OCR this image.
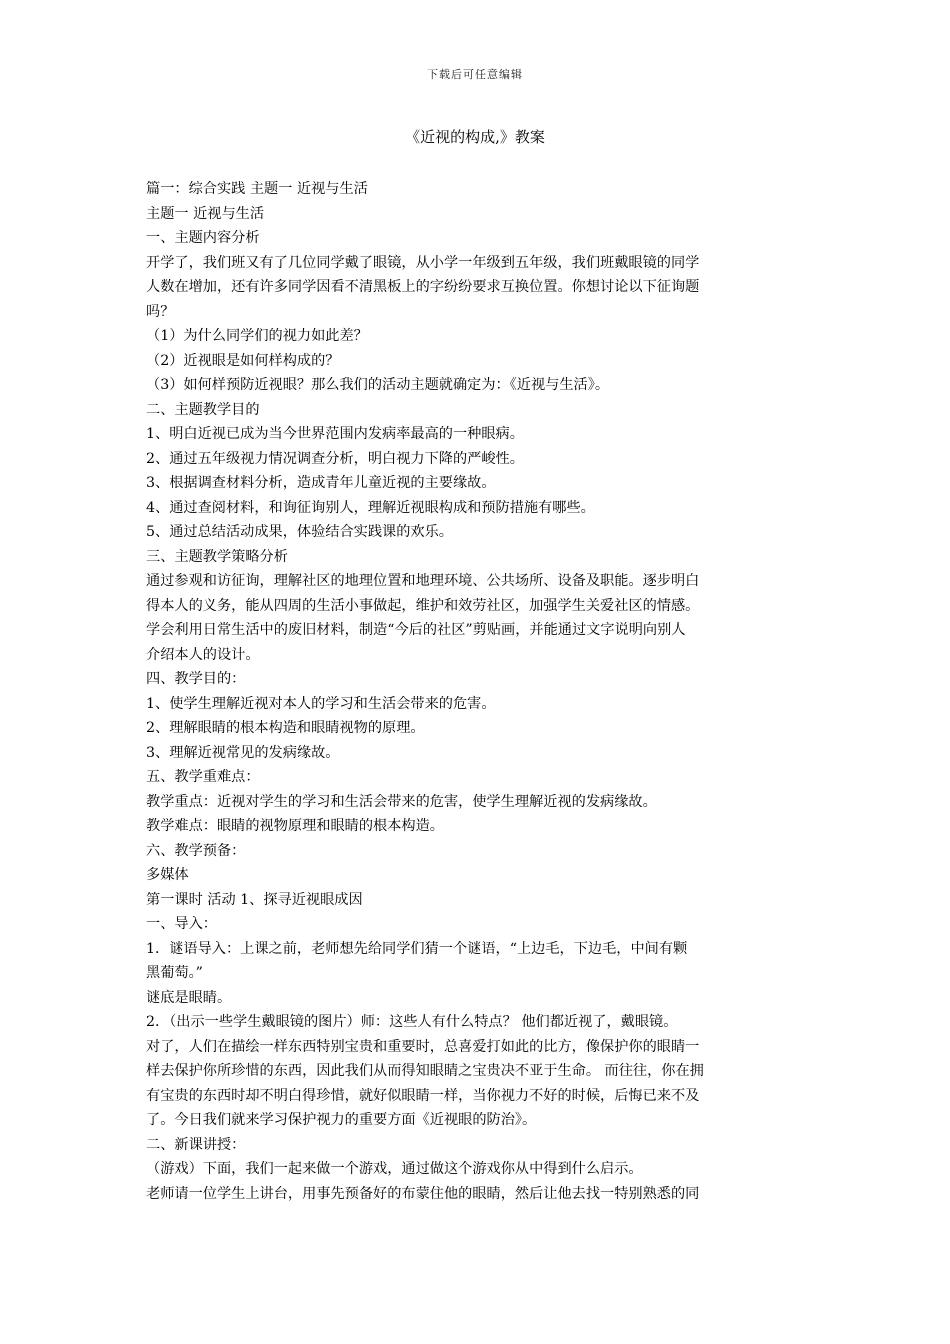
下载后可任意编辑
《近视的构成,》教案
篇一：综合实践 主题一 近视与生活
主题一 近视与生活
一、主题内容分析
开学了，我们班又有了几位同学戴了眼镜，从小学一年级到五年级，我们班戴眼镜的同学
人数在增加，还有许多同学因看不清黑板上的字纷纷要求互换位置。你想讨论以下征询题
吗？
（1）为什么同学们的视力如此差？
（2）近视眼是如何样构成的？
（3）如何样预防近视眼？那么我们的活动主题就确定为：《近视与生活》。
二、主题教学目的
1、明白近视已成为当今世界范围内发病率最高的一种眼病。
2、通过五年级视力情况调查分析，明白视力下降的严峻性。
3、根据调查材料分析，造成青年儿童近视的主要缘故。
4、通过查阅材料，和询征询别人，理解近视眼构成和预防措施有哪些。
5、通过总结活动成果，体验结合实践课的欢乐。
三、主题教学策略分析
通过参观和访征询，理解社区的地理位置和地理环境、公共场所、设备及职能。逐步明白
得本人的义务，能从四周的生活小事做起，维护和效劳社区，加强学生关爱社区的情感。
学会利用日常生活中的废旧材料，制造“今后的社区”剪贴画，并能通过文字说明向别人
介绍本人的设计。
四、教学目的：
1、使学生理解近视对本人的学习和生活会带来的危害。
2、理解眼睛的根本构造和眼睛视物的原理。
3、理解近视常见的发病缘故。
五、教学重难点：
教学重点：近视对学生的学习和生活会带来的危害，使学生理解近视的发病缘故。
教学难点：眼睛的视物原理和眼睛的根本构造。
六、教学预备：
多媒体
第一课时 活动 1、探寻近视眼成因
一、导入：
1．谜语导入：上课之前，老师想先给同学们猜一个谜语，“上边毛，下边毛，中间有颗
黑葡萄。”
谜底是眼睛。
2．（出示一些学生戴眼镜的图片）师：这些人有什么特点？ 他们都近视了，戴眼镜。
对了，人们在描绘一样东西特别宝贵和重要时，总喜爱打如此的比方，像保护你的眼睛一
样去保护你所珍惜的东西，因此我们从而得知眼睛之宝贵决不亚于生命。 而往往，你在拥
有宝贵的东西时却不明白得珍惜，就好似眼睛一样，当你视力不好的时候，后悔已来不及
了。今日我们就来学习保护视力的重要方面《近视眼的防治》。
二、新课讲授：
（游戏）下面，我们一起来做一个游戏，通过做这个游戏你从中得到什么启示。
老师请一位学生上讲台，用事先预备好的布蒙住他的眼睛，然后让他去找一特别熟悉的同
